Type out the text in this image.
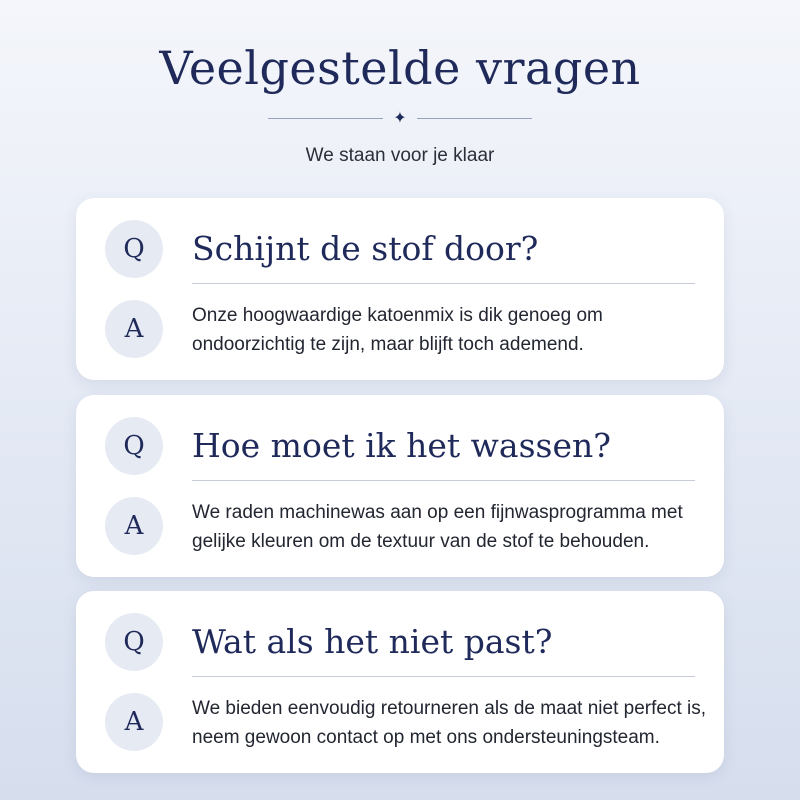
Veelgestelde vragen
✦
We staan voor je klaar
Q	Schijnt de stof door?
A	Onze hoogwaardige katoenmix is dik genoeg om ondoorzichtig te zijn, maar blijft toch ademend.
Q	Hoe moet ik het wassen?
A	We raden machinewas aan op een fijnwasprogramma met gelijke kleuren om de textuur van de stof te behouden.
Q	Wat als het niet past?
A	We bieden eenvoudig retourneren als de maat niet perfect is, neem gewoon contact op met ons ondersteuningsteam.
